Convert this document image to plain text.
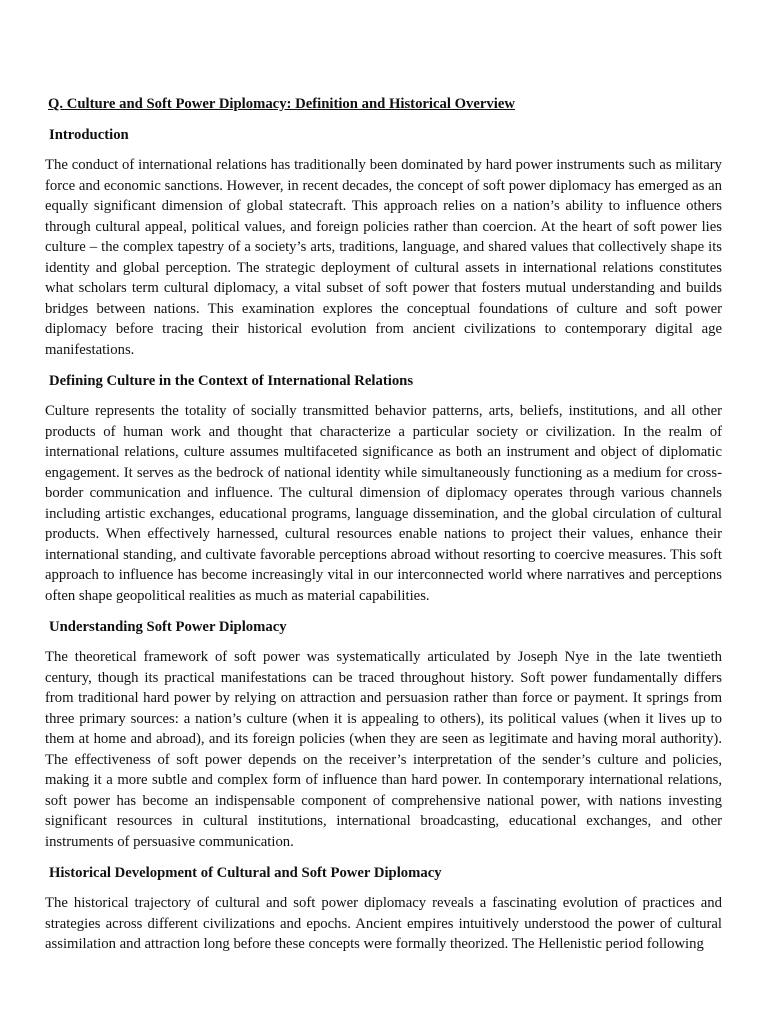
Q. Culture and Soft Power Diplomacy: Definition and Historical Overview
Introduction

The conduct of international relations has traditionally been dominated by hard power instruments such as military force and economic sanctions. However, in recent decades, the concept of soft power diplomacy has emerged as an equally significant dimension of global statecraft. This approach relies on a nation’s ability to influence others through cultural appeal, political values, and foreign policies rather than coercion. At the heart of soft power lies culture – the complex tapestry of a society’s arts, traditions, language, and shared values that collectively shape its identity and global perception. The strategic deployment of cultural assets in international relations constitutes what scholars term cultural diplomacy, a vital subset of soft power that fosters mutual understanding and builds bridges between nations. This examination explores the conceptual foundations of culture and soft power diplomacy before tracing their historical evolution from ancient civilizations to contemporary digital age manifestations.

Defining Culture in the Context of International Relations

Culture represents the totality of socially transmitted behavior patterns, arts, beliefs, institutions, and all other products of human work and thought that characterize a particular society or civilization. In the realm of international relations, culture assumes multifaceted significance as both an instrument and object of diplomatic engagement. It serves as the bedrock of national identity while simultaneously functioning as a medium for cross-border communication and influence. The cultural dimension of diplomacy operates through various channels including artistic exchanges, educational programs, language dissemination, and the global circulation of cultural products. When effectively harnessed, cultural resources enable nations to project their values, enhance their international standing, and cultivate favorable perceptions abroad without resorting to coercive measures. This soft approach to influence has become increasingly vital in our interconnected world where narratives and perceptions often shape geopolitical realities as much as material capabilities.

Understanding Soft Power Diplomacy

The theoretical framework of soft power was systematically articulated by Joseph Nye in the late twentieth century, though its practical manifestations can be traced throughout history. Soft power fundamentally differs from traditional hard power by relying on attraction and persuasion rather than force or payment. It springs from three primary sources: a nation’s culture (when it is appealing to others), its political values (when it lives up to them at home and abroad), and its foreign policies (when they are seen as legitimate and having moral authority). The effectiveness of soft power depends on the receiver’s interpretation of the sender’s culture and policies, making it a more subtle and complex form of influence than hard power. In contemporary international relations, soft power has become an indispensable component of comprehensive national power, with nations investing significant resources in cultural institutions, international broadcasting, educational exchanges, and other instruments of persuasive communication.

Historical Development of Cultural and Soft Power Diplomacy

The historical trajectory of cultural and soft power diplomacy reveals a fascinating evolution of practices and strategies across different civilizations and epochs. Ancient empires intuitively understood the power of cultural assimilation and attraction long before these concepts were formally theorized. The Hellenistic period following
